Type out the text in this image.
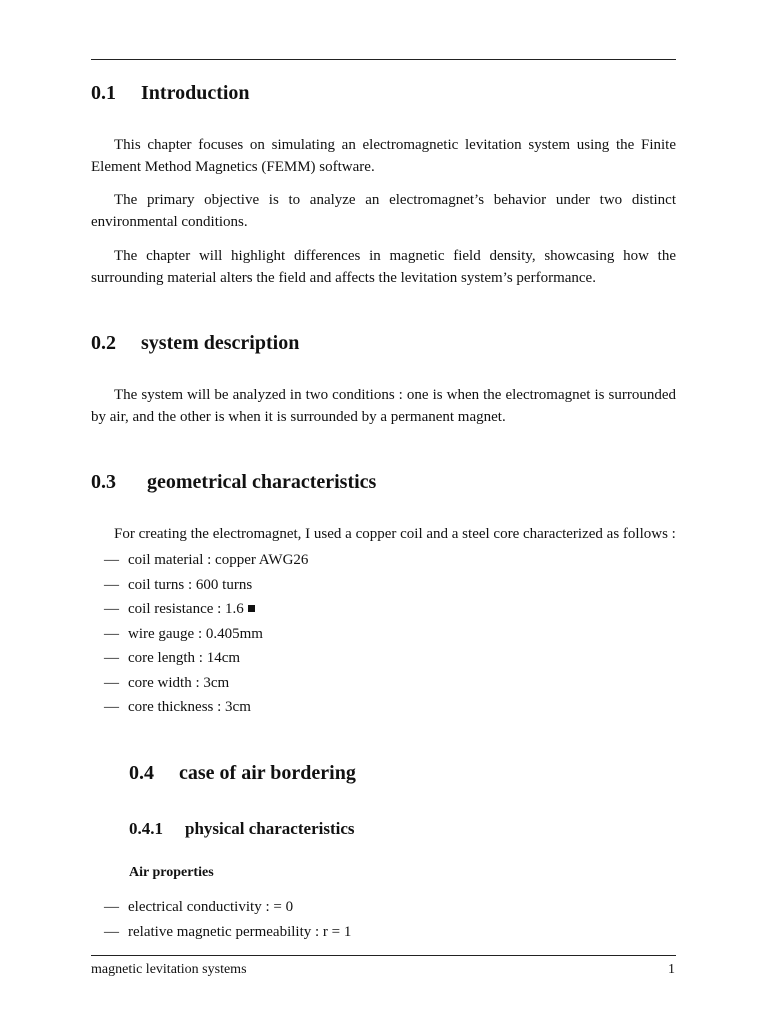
0.1 Introduction

This chapter focuses on simulating an electromagnetic levitation system using the Finite Element Method Magnetics (FEMM) software.

The primary objective is to analyze an electromagnet’s behavior under two distinct environmental conditions.

The chapter will highlight differences in magnetic field density, showcasing how the surrounding material alters the field and affects the levitation system’s performance.

0.2 system description

The system will be analyzed in two conditions : one is when the electromagnet is surrounded by air, and the other is when it is surrounded by a permanent magnet.

0.3 geometrical characteristics

For creating the electromagnet, I used a copper coil and a steel core characterized as follows :

— coil material : copper AWG26
— coil turns : 600 turns
— coil resistance : 1.6
— wire gauge : 0.405mm
— core length : 14cm
— core width : 3cm
— core thickness : 3cm
0.4 case of air bordering
0.4.1 physical characteristics
Air properties
— electrical conductivity : = 0
— relative magnetic permeability : r = 1
magnetic levitation systems	1
